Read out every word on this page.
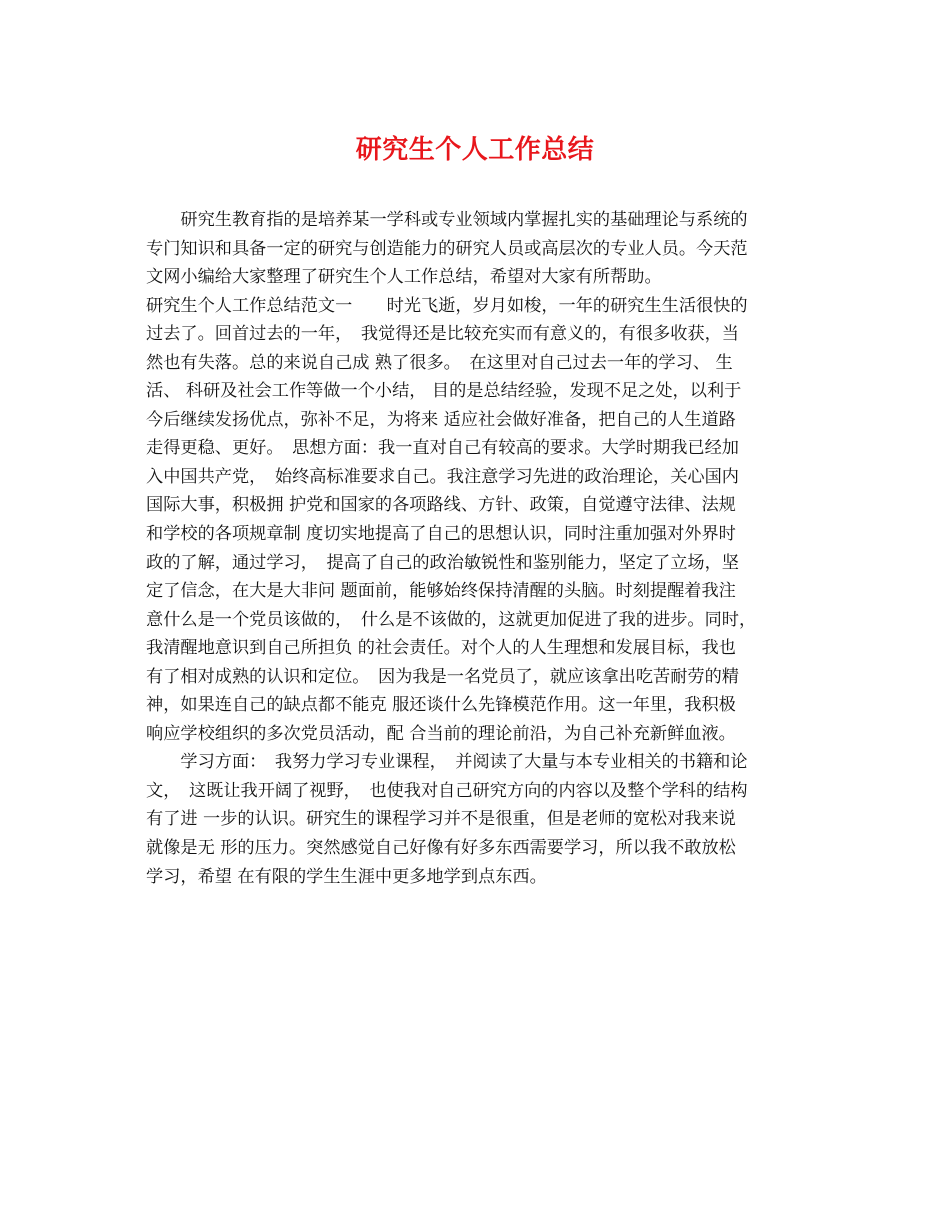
研究生个人工作总结
　　研究生教育指的是培养某一学科或专业领域内掌握扎实的基础理论与系统的
专门知识和具备一定的研究与创造能力的研究人员或高层次的专业人员。今天范
文网小编给大家整理了研究生个人工作总结，希望对大家有所帮助。
研究生个人工作总结范文一　　时光飞逝，岁月如梭，一年的研究生生活很快的
过去了。回首过去的一年，　我觉得还是比较充实而有意义的，有很多收获，当
然也有失落。总的来说自己成 熟了很多。　在这里对自己过去一年的学习、 生
活、 科研及社会工作等做一个小结， 目的是总结经验，发现不足之处，以利于
今后继续发扬优点，弥补不足，为将来 适应社会做好准备，把自己的人生道路
走得更稳、更好。　思想方面：我一直对自己有较高的要求。大学时期我已经加
入中国共产党，　始终高标准要求自己。我注意学习先进的政治理论，关心国内
国际大事，积极拥 护党和国家的各项路线、方针、政策，自觉遵守法律、法规
和学校的各项规章制 度切实地提高了自己的思想认识，同时注重加强对外界时
政的了解，通过学习，　提高了自己的政治敏锐性和鉴别能力，坚定了立场，坚
定了信念，在大是大非问 题面前，能够始终保持清醒的头脑。时刻提醒着我注
意什么是一个党员该做的，　什么是不该做的，这就更加促进了我的进步。同时，
我清醒地意识到自己所担负 的社会责任。对个人的人生理想和发展目标，我也
有了相对成熟的认识和定位。　因为我是一名党员了，就应该拿出吃苦耐劳的精
神，如果连自己的缺点都不能克 服还谈什么先锋模范作用。这一年里，我积极
响应学校组织的多次党员活动，配 合当前的理论前沿，为自己补充新鲜血液。
　　学习方面：　我努力学习专业课程，　并阅读了大量与本专业相关的书籍和论
文，　这既让我开阔了视野，　也使我对自己研究方向的内容以及整个学科的结构
有了进 一步的认识。研究生的课程学习并不是很重，但是老师的宽松对我来说
就像是无 形的压力。突然感觉自己好像有好多东西需要学习，所以我不敢放松
学习，希望 在有限的学生生涯中更多地学到点东西。
